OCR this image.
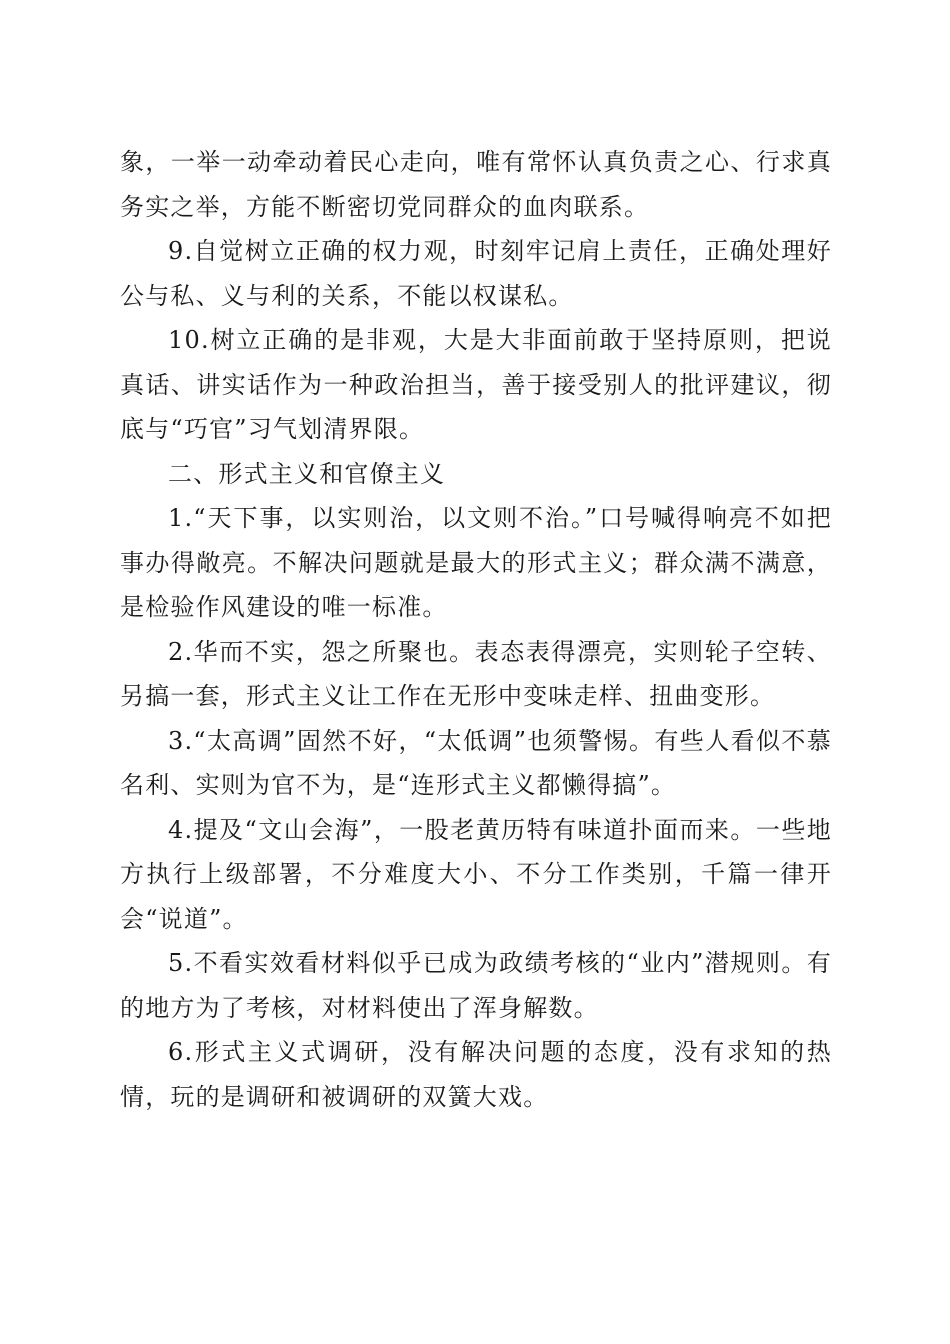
象，一举一动牵动着民心走向，唯有常怀认真负责之心、行求真务实之举，方能不断密切党同群众的血肉联系。

9.自觉树立正确的权力观，时刻牢记肩上责任，正确处理好公与私、义与利的关系，不能以权谋私。

10.树立正确的是非观，大是大非面前敢于坚持原则，把说真话、讲实话作为一种政治担当，善于接受别人的批评建议，彻底与“巧官”习气划清界限。

二、形式主义和官僚主义

1.“天下事，以实则治，以文则不治。”口号喊得响亮不如把事办得敞亮。不解决问题就是最大的形式主义；群众满不满意，是检验作风建设的唯一标准。

2.华而不实，怨之所聚也。表态表得漂亮，实则轮子空转、另搞一套，形式主义让工作在无形中变味走样、扭曲变形。

3.“太高调”固然不好，“太低调”也须警惕。有些人看似不慕名利、实则为官不为，是“连形式主义都懒得搞”。

4.提及“文山会海”，一股老黄历特有味道扑面而来。一些地方执行上级部署，不分难度大小、不分工作类别，千篇一律开会“说道”。

5.不看实效看材料似乎已成为政绩考核的“业内”潜规则。有的地方为了考核，对材料使出了浑身解数。

6.形式主义式调研，没有解决问题的态度，没有求知的热情，玩的是调研和被调研的双簧大戏。
